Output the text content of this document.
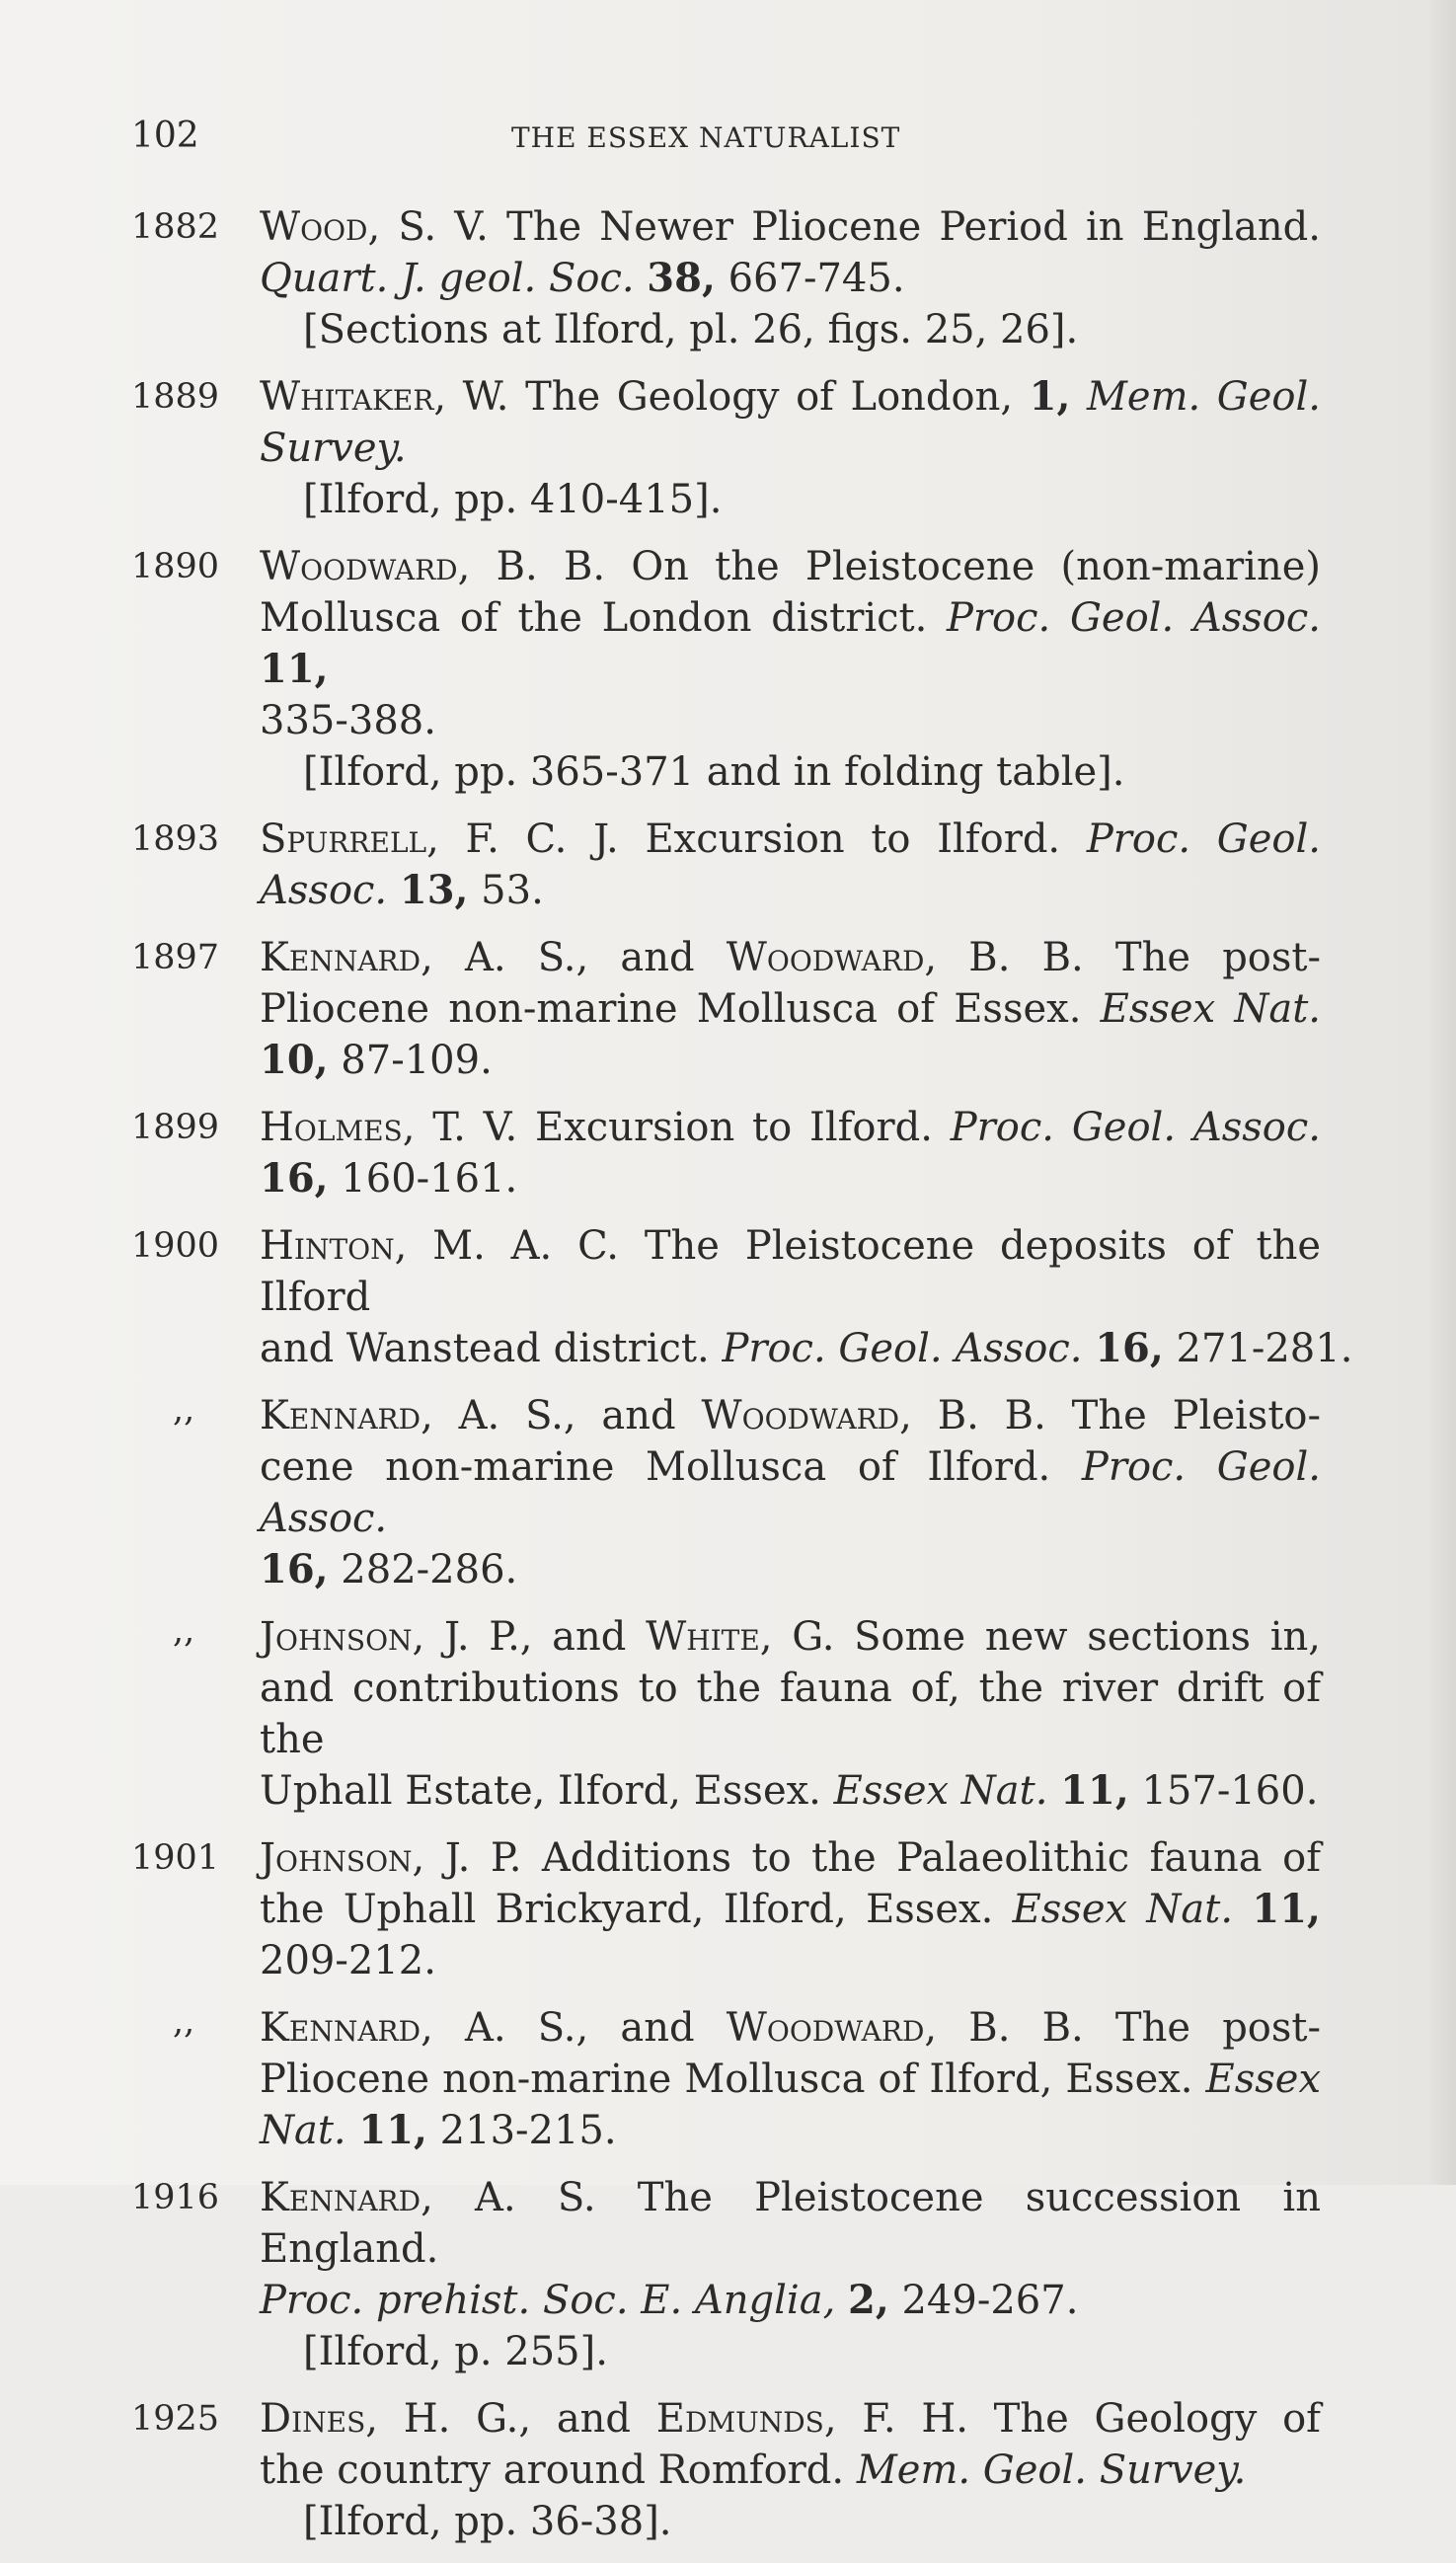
102	THE ESSEX NATURALIST
1882 Wood, S. V. The Newer Pliocene Period in England.
Quart. J. geol. Soc. 38, 667-745.
[Sections at Ilford, pl. 26, figs. 25, 26].
1889 Whitaker, W. The Geology of London, 1, Mem. Geol.
Survey.
[Ilford, pp. 410-415].
1890 Woodward, B. B. On the Pleistocene (non-marine)
Mollusca of the London district. Proc. Geol. Assoc. 11,
335-388.
[Ilford, pp. 365-371 and in folding table].
1893 Spurrell, F. C. J. Excursion to Ilford. Proc. Geol.
Assoc. 13, 53.
1897 Kennard, A. S., and Woodward, B. B. The post-
Pliocene non-marine Mollusca of Essex. Essex Nat.
10, 87-109.
1899 Holmes, T. V. Excursion to Ilford. Proc. Geol. Assoc.
16, 160-161.
1900 Hinton, M. A. C. The Pleistocene deposits of the Ilford
and Wanstead district. Proc. Geol. Assoc. 16, 271-281.
,, Kennard, A. S., and Woodward, B. B. The Pleisto-
cene non-marine Mollusca of Ilford. Proc. Geol. Assoc.
16, 282-286.
,, Johnson, J. P., and White, G. Some new sections in,
and contributions to the fauna of, the river drift of the
Uphall Estate, Ilford, Essex. Essex Nat. 11, 157-160.
1901 Johnson, J. P. Additions to the Palaeolithic fauna of
the Uphall Brickyard, Ilford, Essex. Essex Nat. 11,
209-212.
,, Kennard, A. S., and Woodward, B. B. The post-
Pliocene non-marine Mollusca of Ilford, Essex. Essex
Nat. 11, 213-215.
1916 Kennard, A. S. The Pleistocene succession in England.
Proc. prehist. Soc. E. Anglia, 2, 249-267.
[Ilford, p. 255].
1925 Dines, H. G., and Edmunds, F. H. The Geology of
the country around Romford. Mem. Geol. Survey.
[Ilford, pp. 36-38].
